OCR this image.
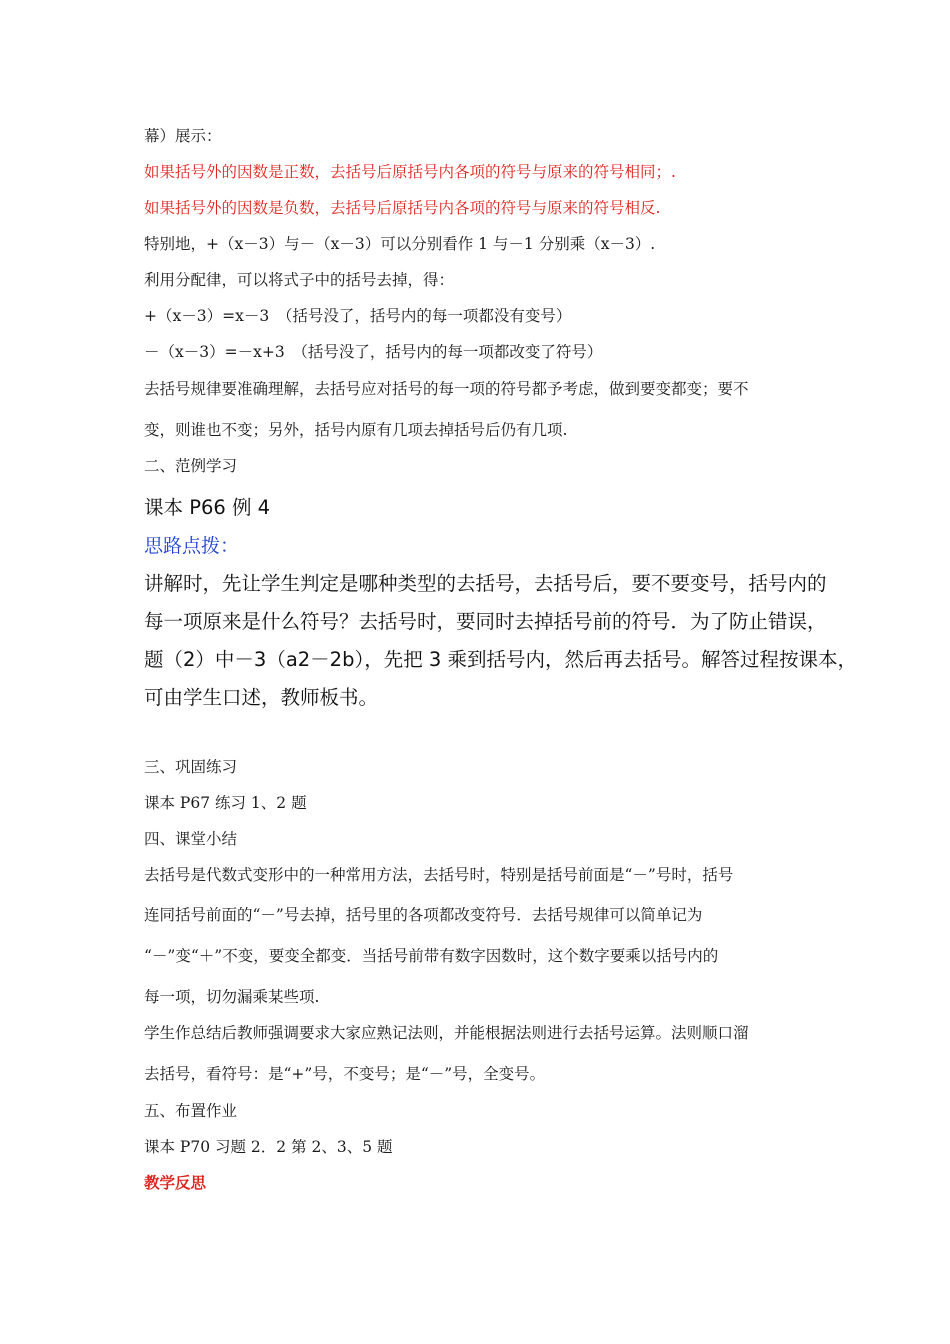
幕）展示：
如果括号外的因数是正数，去括号后原括号内各项的符号与原来的符号相同；.
如果括号外的因数是负数，去括号后原括号内各项的符号与原来的符号相反.
特别地，+（x－3）与－（x－3）可以分别看作 1 与－1 分别乘（x－3）.
利用分配律，可以将式子中的括号去掉，得：
+（x－3）=x－3　（括号没了，括号内的每一项都没有变号）
－（x－3）=－x+3　（括号没了，括号内的每一项都改变了符号）
去括号规律要准确理解，去括号应对括号的每一项的符号都予考虑，做到要变都变；要不
变，则谁也不变；另外，括号内原有几项去掉括号后仍有几项.
二、范例学习
课本 P66 例 4
思路点拨：
讲解时，先让学生判定是哪种类型的去括号，去括号后，要不要变号，括号内的
每一项原来是什么符号？去括号时，要同时去掉括号前的符号．为了防止错误，
题（2）中－3（a2－2b），先把 3 乘到括号内，然后再去括号。解答过程按课本，
可由学生口述，教师板书。
三、巩固练习
课本 P67 练习 1、2 题
四、课堂小结
去括号是代数式变形中的一种常用方法，去括号时，特别是括号前面是“－”号时，括号
连同括号前面的“－”号去掉，括号里的各项都改变符号．去括号规律可以简单记为
“－”变“＋”不变，要变全都变．当括号前带有数字因数时，这个数字要乘以括号内的
每一项，切勿漏乘某些项.
学生作总结后教师强调要求大家应熟记法则，并能根据法则进行去括号运算。法则顺口溜
去括号，看符号：是“+”号，不变号；是“－”号，全变号。
五、布置作业
课本 P70 习题 2．2 第 2、3、5 题
教学反思
